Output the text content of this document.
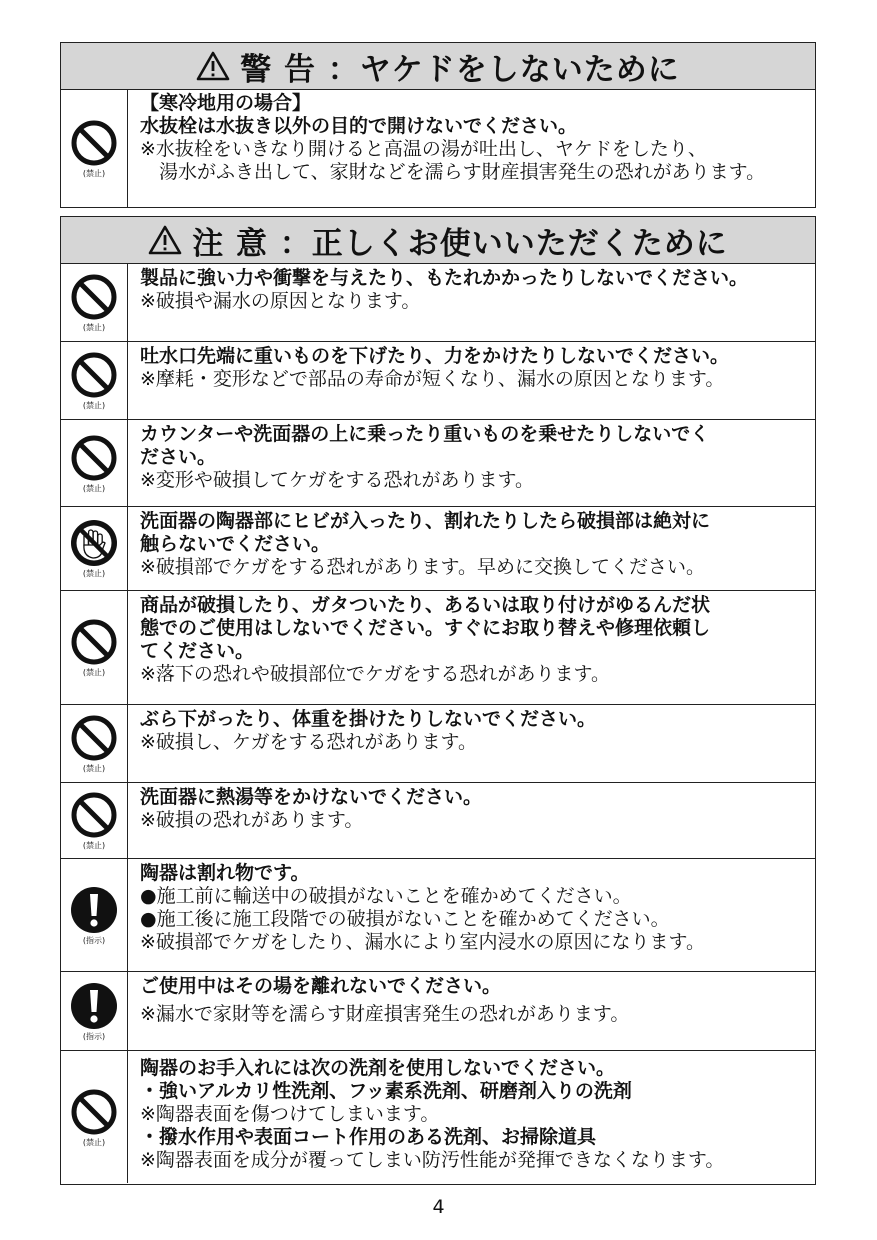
警 告 ：ヤケドをしないために
(禁止)
【寒冷地用の場合】
水抜栓は水抜き以外の目的で開けないでください。
※水抜栓をいきなり開けると高温の湯が吐出し、ヤケドをしたり、
湯水がふき出して、家財などを濡らす財産損害発生の恐れがあります。
注 意 ：正しくお使いいただくために
(禁止)
製品に強い力や衝撃を与えたり、もたれかかったりしないでください。
※破損や漏水の原因となります。
(禁止)
吐水口先端に重いものを下げたり、力をかけたりしないでください。
※摩耗・変形などで部品の寿命が短くなり、漏水の原因となります。
(禁止)
カウンターや洗面器の上に乗ったり重いものを乗せたりしないでく
ださい。
※変形や破損してケガをする恐れがあります。
(禁止)
洗面器の陶器部にヒビが入ったり、割れたりしたら破損部は絶対に
触らないでください。
※破損部でケガをする恐れがあります。早めに交換してください。
(禁止)
商品が破損したり、ガタついたり、あるいは取り付けがゆるんだ状
態でのご使用はしないでください。すぐにお取り替えや修理依頼し
てください。
※落下の恐れや破損部位でケガをする恐れがあります。
(禁止)
ぶら下がったり、体重を掛けたりしないでください。
※破損し、ケガをする恐れがあります。
(禁止)
洗面器に熱湯等をかけないでください。
※破損の恐れがあります。
(指示)
陶器は割れ物です。
●施工前に輸送中の破損がないことを確かめてください。
●施工後に施工段階での破損がないことを確かめてください。
※破損部でケガをしたり、漏水により室内浸水の原因になります。
(指示)
ご使用中はその場を離れないでください。
※漏水で家財等を濡らす財産損害発生の恐れがあります。
(禁止)
陶器のお手入れには次の洗剤を使用しないでください。
・強いアルカリ性洗剤、フッ素系洗剤、研磨剤入りの洗剤
※陶器表面を傷つけてしまいます。
・撥水作用や表面コート作用のある洗剤、お掃除道具
※陶器表面を成分が覆ってしまい防汚性能が発揮できなくなります。
4
